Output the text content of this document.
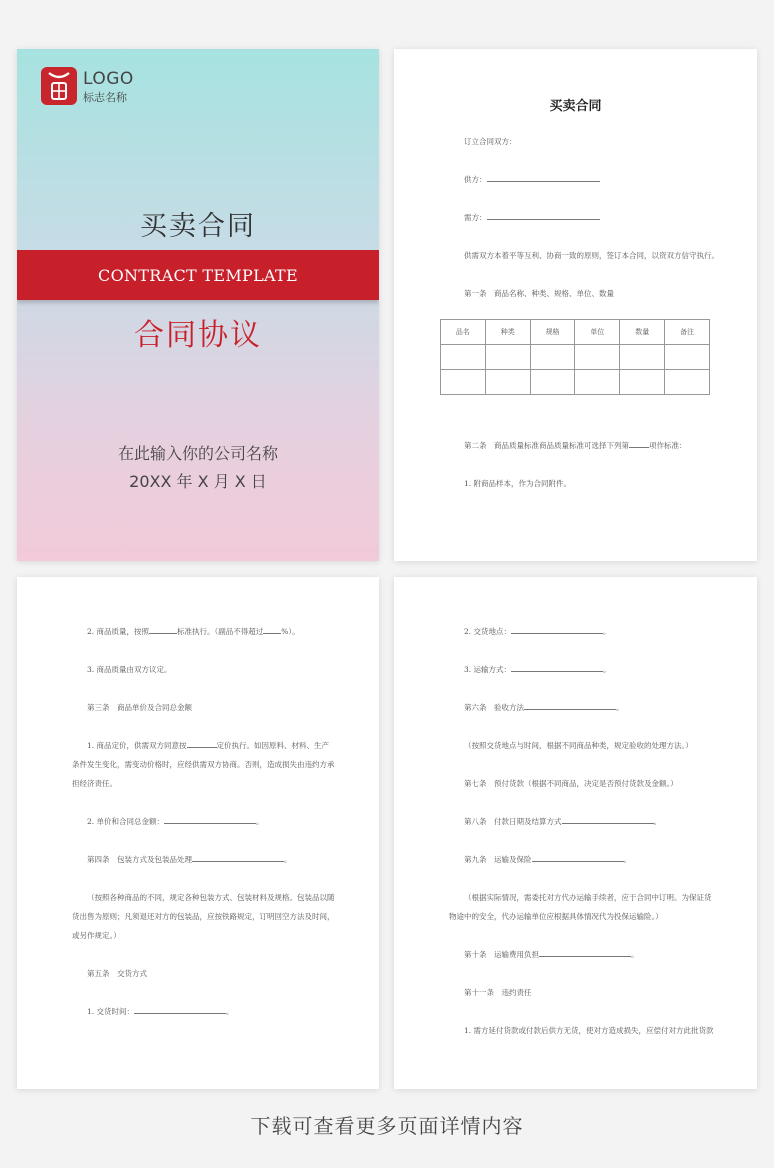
LOGO
标志名称
买卖合同
CONTRACT TEMPLATE
合同协议
在此输入你的公司名称
20XX 年 X 月 X 日
买卖合同
订立合同双方：
供方：
需方：
供需双方本着平等互利、协商一致的原则，签订本合同，以资双方信守执行。
第一条　商品名称、种类、规格、单位、数量
品名	种类	规格	单位	数量	备注

第二条　商品质量标准商品质量标准可选择下列第	项作标准：
1. 附商品样本，作为合同附件。
2. 商品质量，按照	标准执行。（副品不得超过 %）。
3. 商品质量由双方议定。
第三条　商品单价及合同总金额
1. 商品定价，供需双方同意按	定价执行。如因原料、材料、生产
条件发生变化，需变动价格时，应经供需双方协商。否则，造成损失由违约方承
担经济责任。
2. 单价和合同总金额：	。
第四条　包装方式及包装品处理	。
（按照各种商品的不同，规定各种包装方式、包装材料及规格。包装品以随
货出售为原则；凡须退还对方的包装品，应按铁路规定，订明回空方法及时间，
或另作规定。）
第五条　交货方式
1. 交货时间：	。
2. 交货地点：	。
3. 运输方式：	。
第六条　验收方法	。
（按照交货地点与时间，根据不同商品种类，规定验收的处理方法。）
第七条　预付货款（根据不同商品，决定是否预付货款及金额。）
第八条　付款日期及结算方式	。
第九条　运输及保险	。
（根据实际情况，需委托对方代办运输手续者，应于合同中订明。为保证货
物途中的安全，代办运输单位应根据具体情况代为投保运输险。）
第十条　运输费用负担	。
第十一条　违约责任
1. 需方延付货款或付款后供方无货，使对方造成损失，应偿付对方此批货款
下载可查看更多页面详情内容
